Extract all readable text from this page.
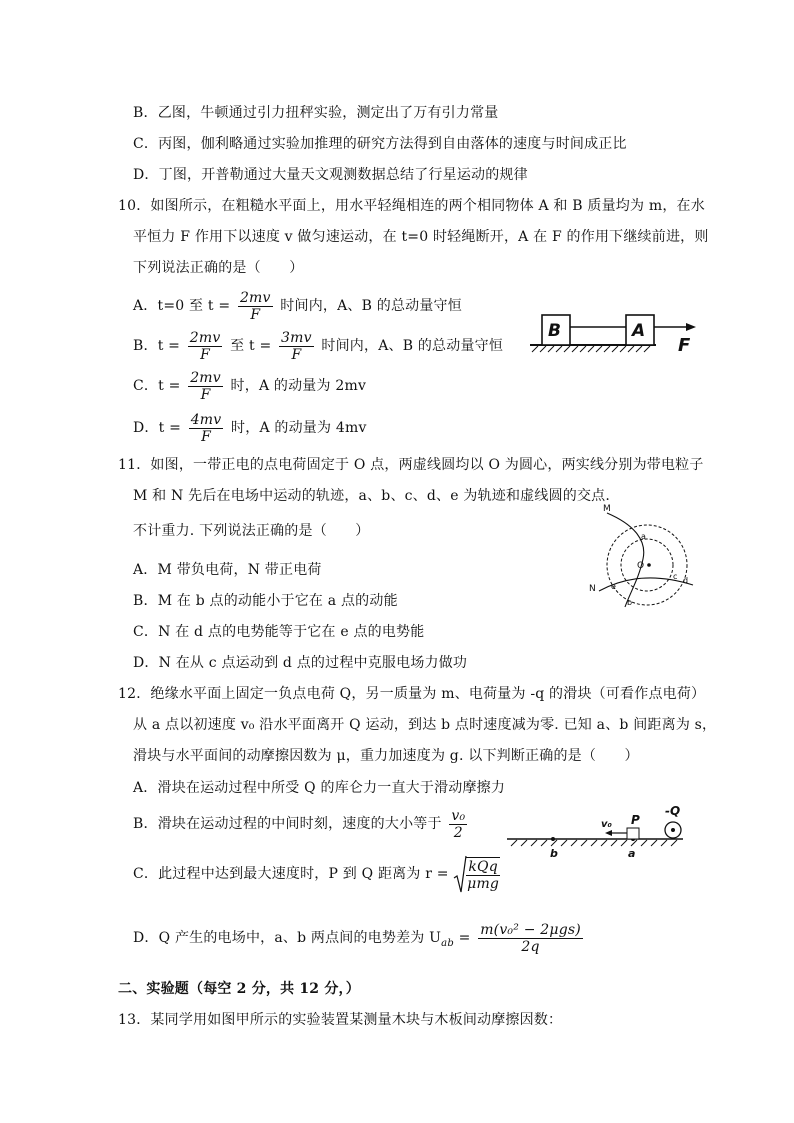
B．乙图，牛顿通过引力扭秤实验，测定出了万有引力常量
C．丙图，伽利略通过实验加推理的研究方法得到自由落体的速度与时间成正比
D．丁图，开普勒通过大量天文观测数据总结了行星运动的规律
10．如图所示，在粗糙水平面上，用水平轻绳相连的两个相同物体 A 和 B 质量均为 m，在水
平恒力 F 作用下以速度 v 做匀速运动，在 t=0 时轻绳断开，A 在 F 的作用下继续前进，则
下列说法正确的是（　　）
A．t=0 至 $t = \frac{2mv}{F}$ 时间内，A、B 的总动量守恒
B．$t = \frac{2mv}{F}$ 至 $t = \frac{3mv}{F}$ 时间内，A、B 的总动量守恒
C．$t = \frac{2mv}{F}$ 时，A 的动量为 2mv
D．$t = \frac{4mv}{F}$ 时，A 的动量为 4mv
B	A
F
11．如图，一带正电的点电荷固定于 O 点，两虚线圆均以 O 为圆心，两实线分别为带电粒子
M 和 N 先后在电场中运动的轨迹，a、b、c、d、e 为轨迹和虚线圆的交点.
不计重力. 下列说法正确的是（　　）
A．M 带负电荷，N 带正电荷
B．M 在 b 点的动能小于它在 a 点的动能
C．N 在 d 点的电势能等于它在 e 点的电势能
D．N 在从 c 点运动到 d 点的过程中克服电场力做功
O
M
N
a
b
c d
e
12．绝缘水平面上固定一负点电荷 Q，另一质量为 m、电荷量为 -q 的滑块（可看作点电荷）
从 a 点以初速度 v₀ 沿水平面离开 Q 运动，到达 b 点时速度减为零. 已知 a、b 间距离为 s，
滑块与水平面间的动摩擦因数为 μ，重力加速度为 g. 以下判断正确的是（　　）
A．滑块在运动过程中所受 Q 的库仑力一直大于滑动摩擦力
B．滑块在运动过程的中间时刻，速度的大小等于 $\frac{\text{v₀}}{2}$
C．此过程中达到最大速度时，P 到 Q 距离为 $r = \frac{\text{kQq}}{\text{μmg}}$
D．Q 产生的电场中，a、b 两点间的电势差为 $U_{ab} = \frac{\text{m(v₀² − 2μgs)}}{2q}$
b	a
P
v₀
-Q
二、实验题（每空 2 分，共 12 分，）
13．某同学用如图甲所示的实验装置某测量木块与木板间动摩擦因数：
